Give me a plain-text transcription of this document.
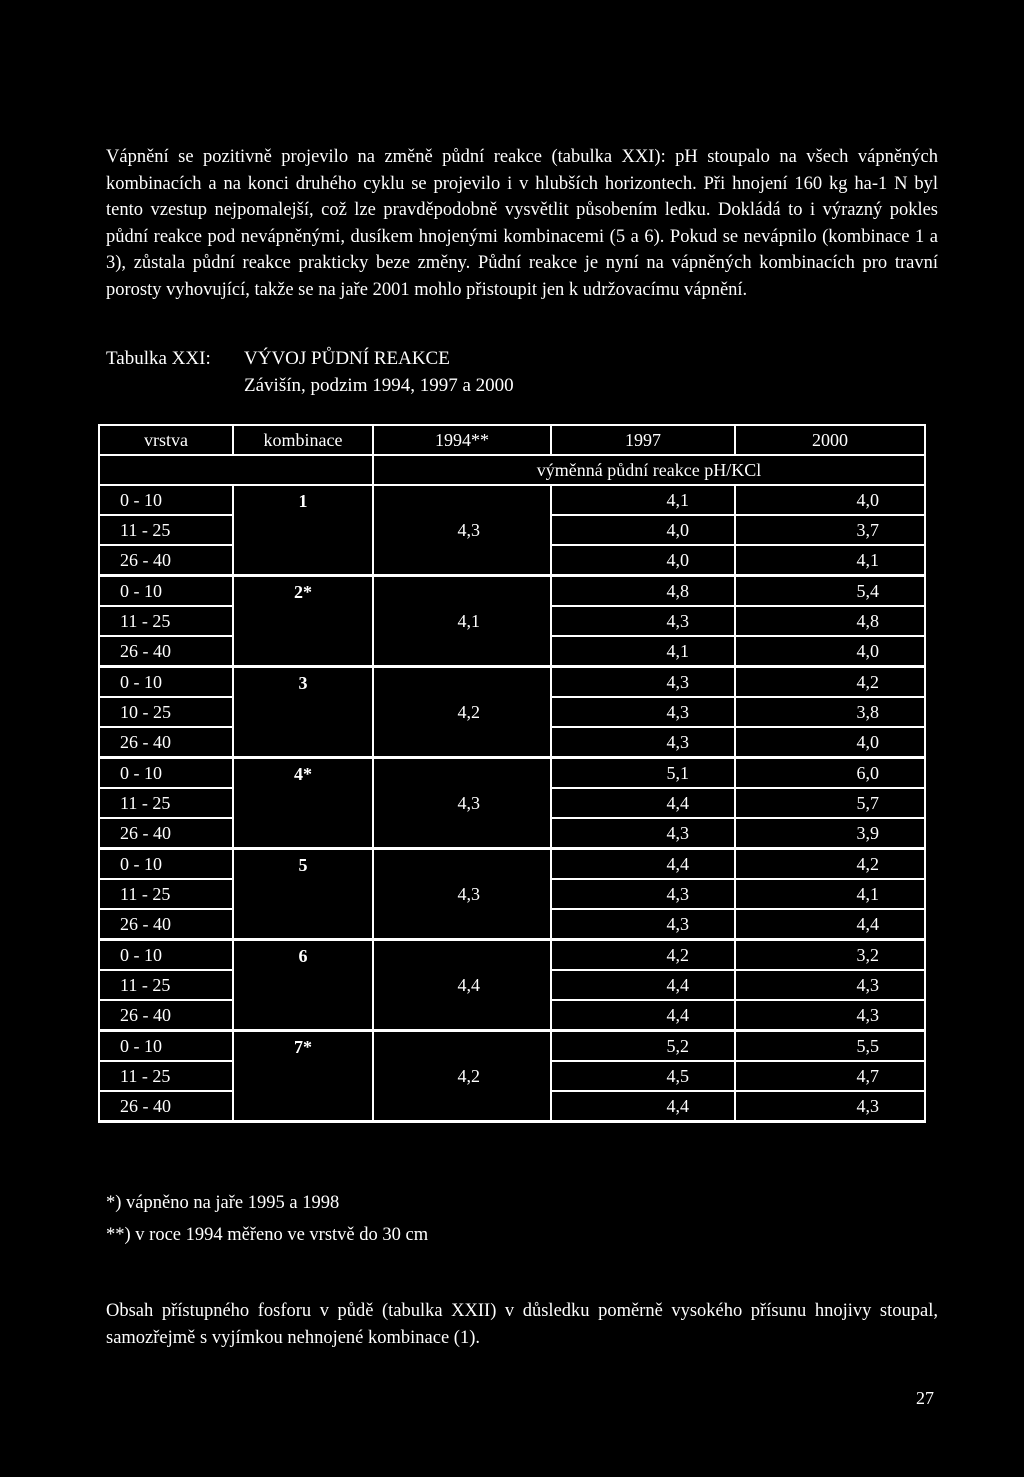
Vápnění se pozitivně projevilo na změně půdní reakce (tabulka XXI): pH stoupalo na všech vápněných kombinacích a na konci druhého cyklu se projevilo i v hlubších horizontech. Při hnojení 160 kg ha-1 N byl tento vzestup nejpomalejší, což lze pravděpodobně vysvětlit působením ledku. Dokládá to i výrazný pokles půdní reakce pod nevápněnými, dusíkem hnojenými kombinacemi (5 a 6). Pokud se nevápnilo (kombinace 1 a 3), zůstala půdní reakce prakticky beze změny. Půdní reakce je nyní na vápněných kombinacích pro travní porosty vyhovující, takže se na jaře 2001 mohlo přistoupit jen k udržovacímu vápnění.

Tabulka XXI: VÝVOJ PŮDNÍ REAKCE
Závišín, podzim 1994, 1997 a 2000
vrstva	kombinace	1994**	1997	2000
		výměnná půdní reakce pH/KCl		
0 - 10	1		4,1	4,0
11 - 25		4,3	4,0	3,7
26 - 40			4,0	4,1
0 - 10	2*		4,8	5,4
11 - 25		4,1	4,3	4,8
26 - 40			4,1	4,0
0 - 10	3		4,3	4,2
10 - 25		4,2	4,3	3,8
26 - 40			4,3	4,0
0 - 10	4*		5,1	6,0
11 - 25		4,3	4,4	5,7
26 - 40			4,3	3,9
0 - 10	5		4,4	4,2
11 - 25		4,3	4,3	4,1
26 - 40			4,3	4,4
0 - 10	6		4,2	3,2
11 - 25		4,4	4,4	4,3
26 - 40			4,4	4,3
0 - 10	7*		5,2	5,5
11 - 25		4,2	4,5	4,7
26 - 40			4,4	4,3
*) vápněno na jaře 1995 a 1998
**) v roce 1994 měřeno ve vrstvě do 30 cm

Obsah přístupného fosforu v půdě (tabulka XXII) v důsledku poměrně vysokého přísunu hnojivy stoupal, samozřejmě s vyjímkou nehnojené kombinace (1).

27
